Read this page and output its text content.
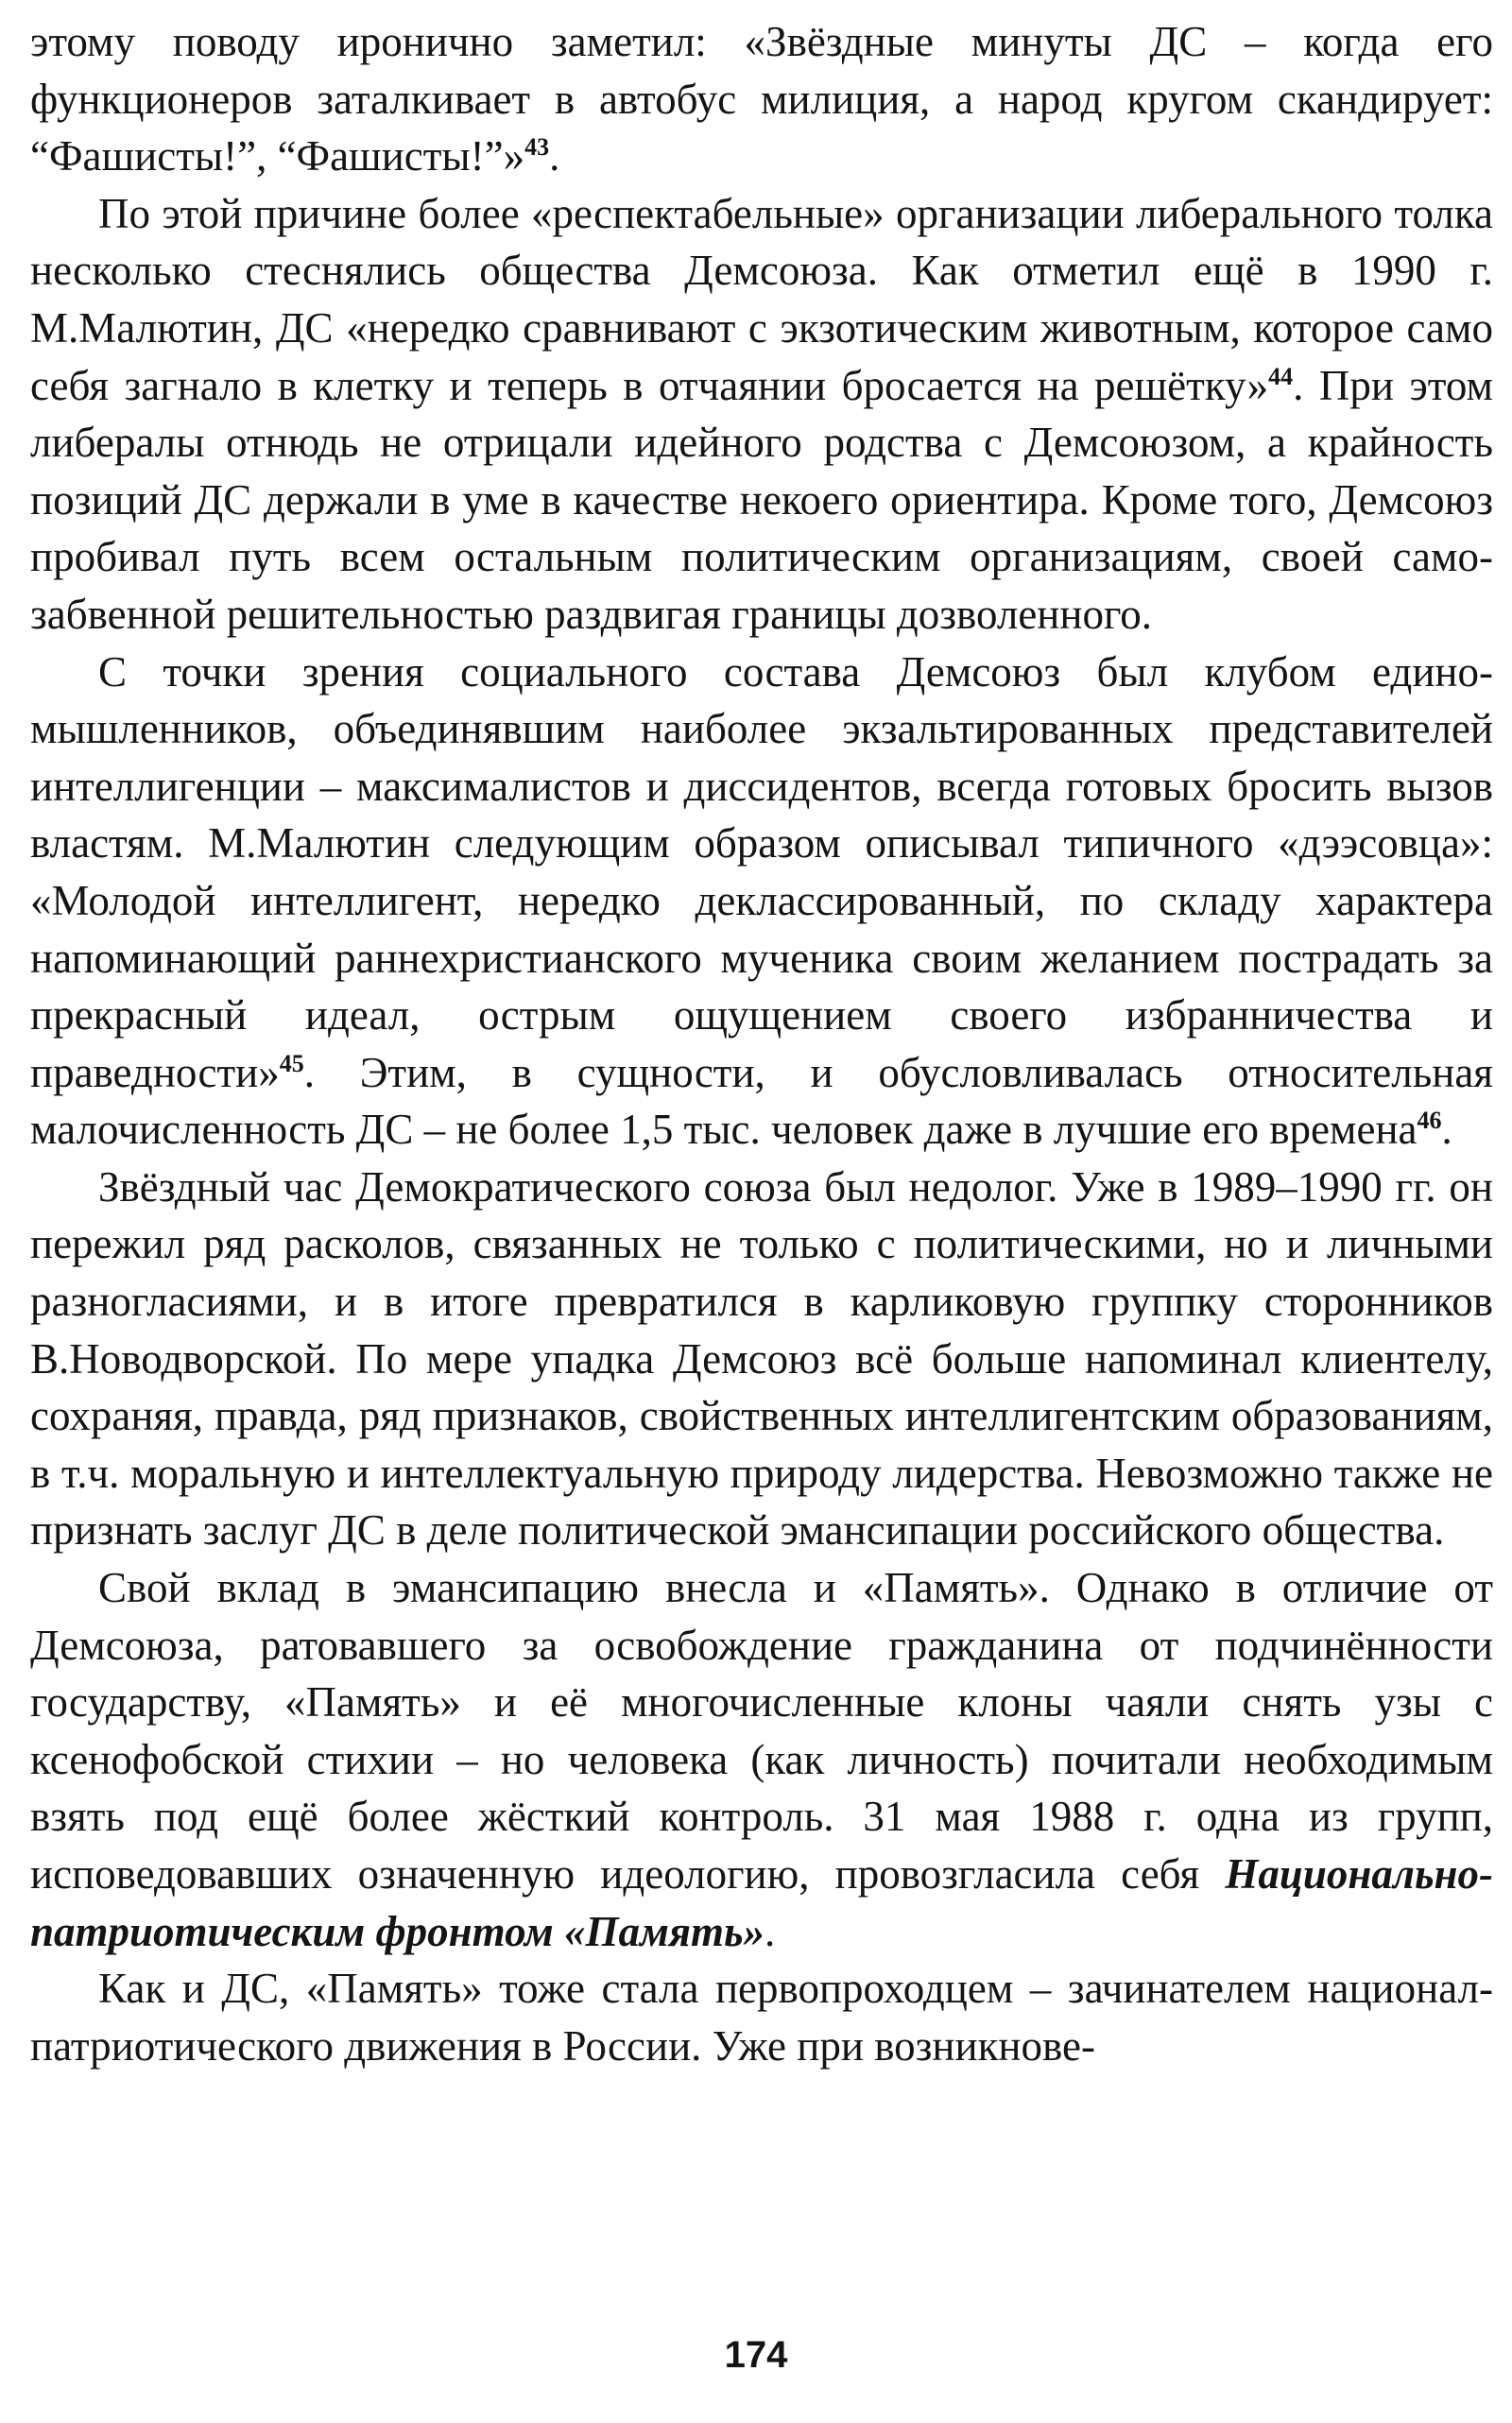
этому поводу иронично заметил: «Звёздные минуты ДС – когда его функционеров заталкивает в автобус милиция, а народ кругом скандирует: “Фашисты!”, “Фашисты!”»$^{43}$.

По этой причине более «респектабельные» организации либерального толка несколько стеснялись общества Демсоюза. Как отметил ещё в 1990 г. М.Малютин, ДС «нередко сравнивают с экзотическим животным, которое само себя загнало в клетку и теперь в отчаянии бросается на решётку»$^{44}$. При этом либералы отнюдь не отрицали идейного родства с Демсоюзом, а крайность позиций ДС держали в уме в качестве некоего ориентира. Кроме того, Демсоюз пробивал путь всем остальным политическим организациям, своей самозабвенной решительностью раздвигая границы дозволенного.

С точки зрения социального состава Демсоюз был клубом единомышленников, объединявшим наиболее экзальтированных представителей интеллигенции – максималистов и диссидентов, всегда готовых бросить вызов властям. М.Малютин следующим образом описывал типичного «дээсовца»: «Молодой интеллигент, нередко деклассированный, по складу характера напоминающий раннехристианского мученика своим желанием пострадать за прекрасный идеал, острым ощущением своего избранничества и праведности»$^{45}$. Этим, в сущности, и обусловливалась относительная малочисленность ДС – не более 1,5 тыс. человек даже в лучшие его времена$^{46}$.

Звёздный час Демократического союза был недолог. Уже в 1989–1990 гг. он пережил ряд расколов, связанных не только с политическими, но и личными разногласиями, и в итоге превратился в карликовую группку сторонников В.Новодворской. По мере упадка Демсоюз всё больше напоминал клиентелу, сохраняя, правда, ряд признаков, свойственных интеллигентским образованиям, в т.ч. моральную и интеллектуальную природу лидерства. Невозможно также не признать заслуг ДС в деле политической эмансипации российского общества.

Свой вклад в эмансипацию внесла и «Память». Однако в отличие от Демсоюза, ратовавшего за освобождение гражданина от подчинённости государству, «Память» и её многочисленные клоны чаяли снять узы с ксенофобской стихии – но человека (как личность) почитали необходимым взять под ещё более жёсткий контроль. 31 мая 1988 г. одна из групп, исповедовавших означенную идеологию, провозгласила себя Национально-патриотическим фронтом «Память».

Как и ДС, «Память» тоже стала первопроходцем – зачинателем национал-патриотического движения в России. Уже при возникнове-

174
